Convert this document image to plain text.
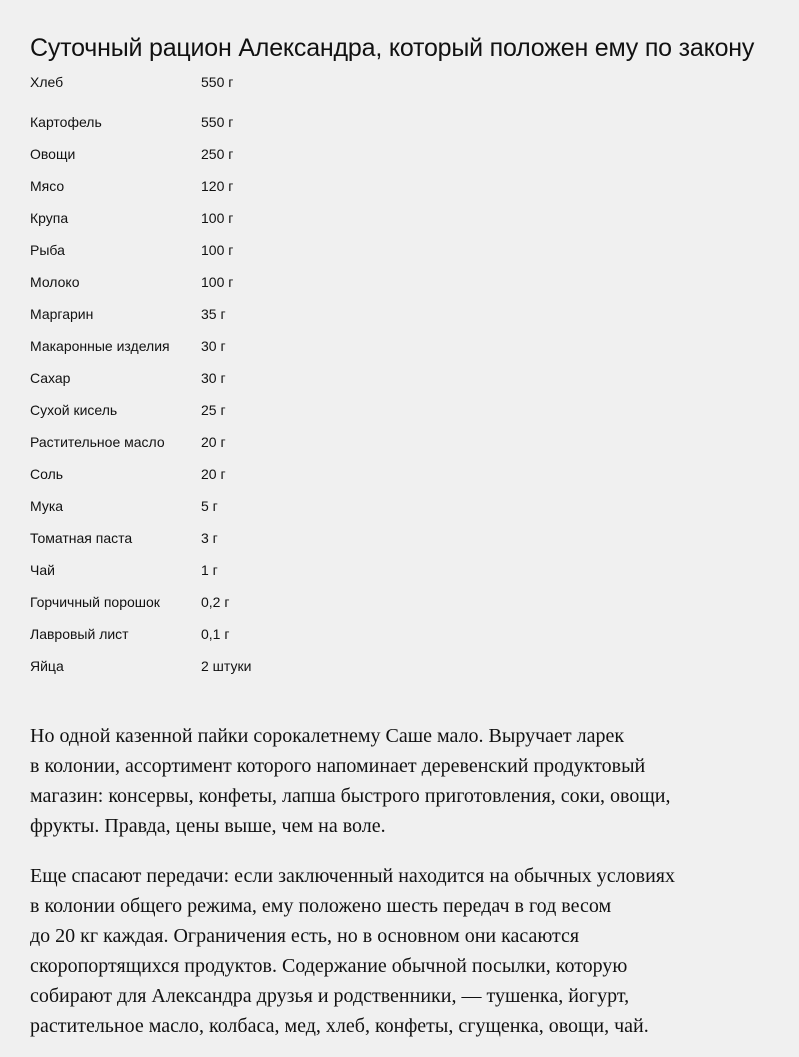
Суточный рацион Александра, который положен ему по закону
Хлеб	550 г

Картофель	550 г
Овощи	250 г
Мясо	120 г
Крупа	100 г
Рыба	100 г
Молоко	100 г
Маргарин	35 г
Макаронные изделия	30 г
Сахар	30 г
Сухой кисель	25 г
Растительное масло	20 г
Соль	20 г
Мука	5 г
Томатная паста	3 г
Чай	1 г
Горчичный порошок	0,2 г
Лавровый лист	0,1 г
Яйца	2 штуки

Но одной казенной пайки сорокалетнему Саше мало. Выручает ларек
в колонии, ассортимент которого напоминает деревенский продуктовый
магазин: консервы, конфеты, лапша быстрого приготовления, соки, овощи,
фрукты. Правда, цены выше, чем на воле.

Еще спасают передачи: если заключенный находится на обычных условиях
в колонии общего режима, ему положено шесть передач в год весом
до 20 кг каждая. Ограничения есть, но в основном они касаются
скоропортящихся продуктов. Содержание обычной посылки, которую
собирают для Александра друзья и родственники, — тушенка, йогурт,
растительное масло, колбаса, мед, хлеб, конфеты, сгущенка, овощи, чай.
